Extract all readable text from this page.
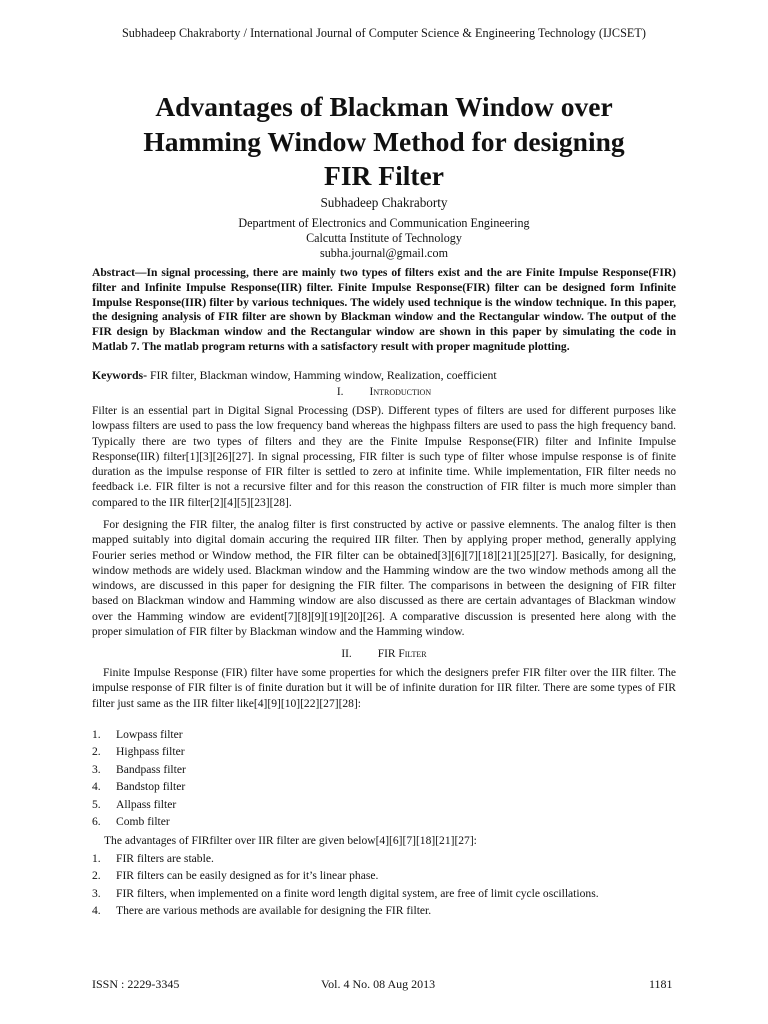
Subhadeep Chakraborty / International Journal of Computer Science & Engineering Technology (IJCSET)
Advantages of Blackman Window over
Hamming Window Method for designing
FIR Filter
Subhadeep Chakraborty
Department of Electronics and Communication Engineering
Calcutta Institute of Technology
subha.journal@gmail.com
Abstract—In signal processing, there are mainly two types of filters exist and the are Finite Impulse Response(FIR) filter and Infinite Impulse Response(IIR) filter. Finite Impulse Response(FIR) filter can be designed form Infinite Impulse Response(IIR) filter by various techniques. The widely used technique is the window technique. In this paper, the designing analysis of FIR filter are shown by Blackman window and the Rectangular window. The output of the FIR design by Blackman window and the Rectangular window are shown in this paper by simulating the code in Matlab 7. The matlab program returns with a satisfactory result with proper magnitude plotting.
Keywords- FIR filter, Blackman window, Hamming window, Realization, coefficient
I. Introduction
Filter is an essential part in Digital Signal Processing (DSP). Different types of filters are used for different purposes like lowpass filters are used to pass the low frequency band whereas the highpass filters are used to pass the high frequency band. Typically there are two types of filters and they are the Finite Impulse Response(FIR) filter and Infinite Impulse Response(IIR) filter[1][3][26][27]. In signal processing, FIR filter is such type of filter whose impulse response is of finite duration as the impulse response of FIR filter is settled to zero at infinite time. While implementation, FIR filter needs no feedback i.e. FIR filter is not a recursive filter and for this reason the construction of FIR filter is much more simpler than compared to the IIR filter[2][4][5][23][28].
For designing the FIR filter, the analog filter is first constructed by active or passive elemnents. The analog filter is then mapped suitably into digital domain accuring the required IIR filter. Then by applying proper method, generally applying Fourier series method or Window method, the FIR filter can be obtained[3][6][7][18][21][25][27]. Basically, for designing, window methods are widely used. Blackman window and the Hamming window are the two window methods among all the windows, are discussed in this paper for designing the FIR filter. The comparisons in between the designing of FIR filter based on Blackman window and Hamming window are also discussed as there are certain advantages of Blackman window over the Hamming window are evident[7][8][9][19][20][26]. A comparative discussion is presented here along with the proper simulation of FIR filter by Blackman window and the Hamming window.
II. FIR Filter
Finite Impulse Response (FIR) filter have some properties for which the designers prefer FIR filter over the IIR filter. The impulse response of FIR filter is of finite duration but it will be of infinite duration for IIR filter. There are some types of FIR filter just same as the IIR filter like[4][9][10][22][27][28]:
1. Lowpass filter
2. Highpass filter
3. Bandpass filter
4. Bandstop filter
5. Allpass filter
6. Comb filter
The advantages of FIRfilter over IIR filter are given below[4][6][7][18][21][27]:
1. FIR filters are stable.
2. FIR filters can be easily designed as for it’s linear phase.
3. FIR filters, when implemented on a finite word length digital system, are free of limit cycle oscillations.
4. There are various methods are available for designing the FIR filter.
ISSN : 2229-3345	Vol. 4 No. 08 Aug 2013	1181
